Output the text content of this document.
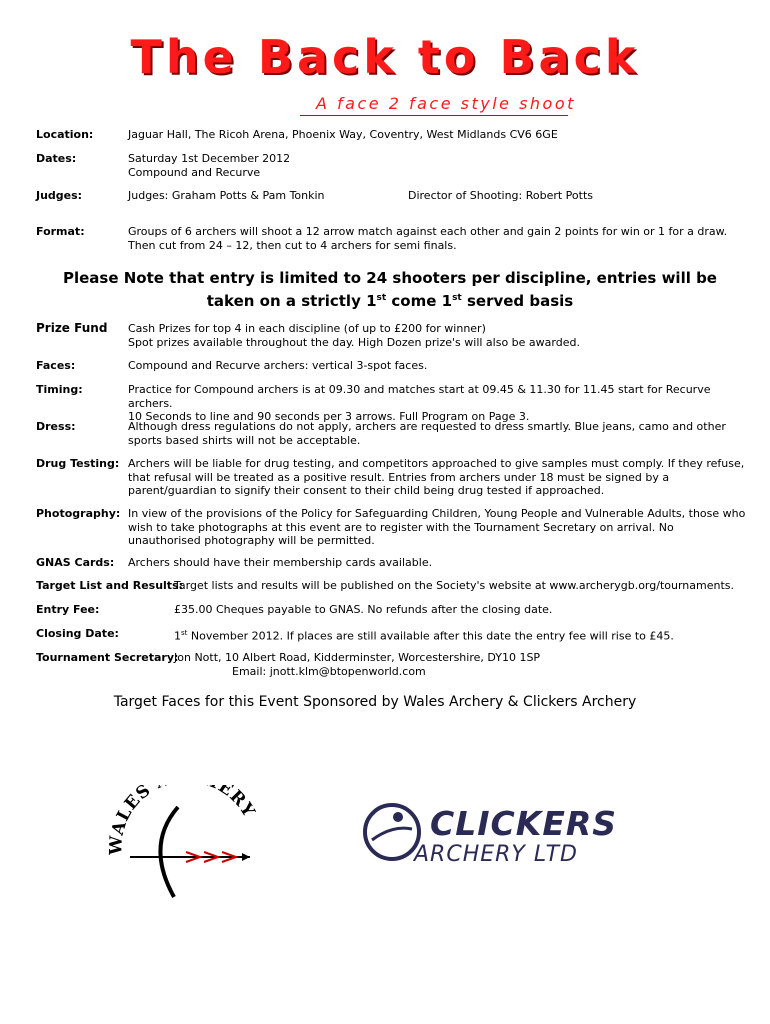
The Back to Back
A face 2 face style shoot
Location:	Jaguar Hall, The Ricoh Arena, Phoenix Way, Coventry, West Midlands CV6 6GE
Dates:	Saturday 1st December 2012
Compound and Recurve
Judges:	Judges: Graham Potts & Pam Tonkin	Director of Shooting: Robert Potts
Format:	Groups of 6 archers will shoot a 12 arrow match against each other and gain 2 points for win or 1 for a draw. Then cut from 24 – 12, then cut to 4 archers for semi finals.
Please Note that entry is limited to 24 shooters per discipline, entries will be
taken on a strictly 1st come 1st served basis
Prize Fund Cash Prizes for top 4 in each discipline (of up to £200 for winner)
Spot prizes available throughout the day. High Dozen prize's will also be awarded.
Faces:	Compound and Recurve archers: vertical 3-spot faces.
Timing:	Practice for Compound archers is at 09.30 and matches start at 09.45 & 11.30 for 11.45 start for Recurve archers.
10 Seconds to line and 90 seconds per 3 arrows. Full Program on Page 3.
Dress:	Although dress regulations do not apply, archers are requested to dress smartly. Blue jeans, camo and other sports based shirts will not be acceptable.
Drug Testing: Archers will be liable for drug testing, and competitors approached to give samples must comply. If they refuse, that refusal will be treated as a positive result. Entries from archers under 18 must be signed by a parent/guardian to signify their consent to their child being drug tested if approached.
Photography: In view of the provisions of the Policy for Safeguarding Children, Young People and Vulnerable Adults, those who wish to take photographs at this event are to register with the Tournament Secretary on arrival. No unauthorised photography will be permitted.
GNAS Cards: Archers should have their membership cards available.
Target List and Results:
Target lists and results will be published on the Society's website at www.archerygb.org/tournaments.
Entry Fee:	£35.00 Cheques payable to GNAS. No refunds after the closing date.
Closing Date:	1st November 2012. If places are still available after this date the entry fee will rise to £45.
Tournament Secretary:
Jon Nott, 10 Albert Road, Kidderminster, Worcestershire, DY10 1SP
Email: jnott.klm@btopenworld.com
Target Faces for this Event Sponsored by Wales Archery & Clickers Archery
WALES ERY	CLICKERS
ARCHERY LTD
